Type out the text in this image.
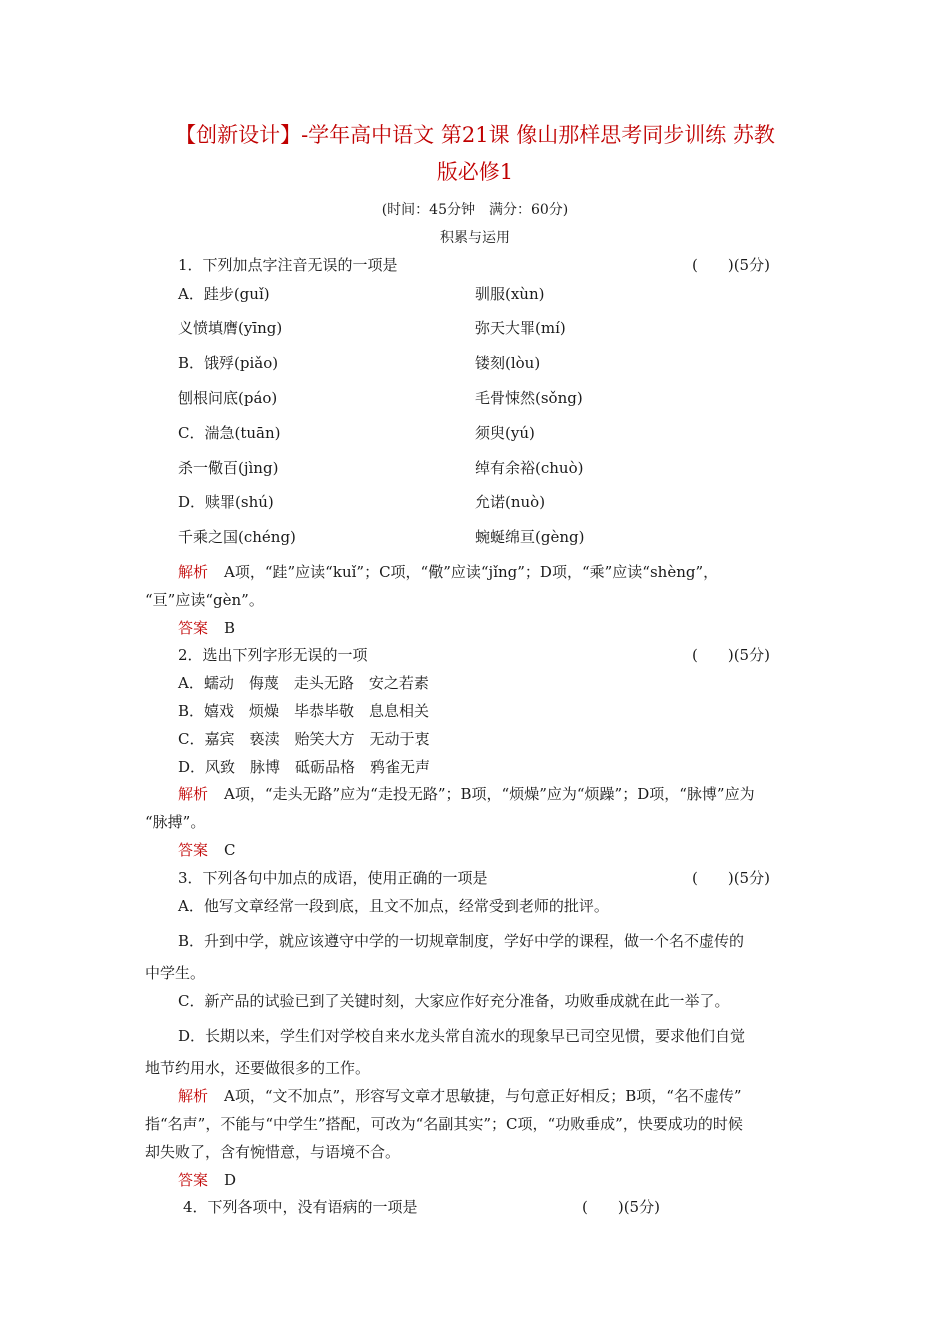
【创新设计】-学年高中语文 第21课 像山那样思考同步训练 苏教
版必修1
(时间：45分钟　满分：60分)
积累与运用
1．下列加点字注音无误的一项是	(　　)(5分)
A．跬步(guǐ)	驯服(xùn)
义愤填膺(yīng)	弥天大罪(mí)
B．饿殍(piǎo)	镂刻(lòu)
刨根问底(páo)	毛骨悚然(sǒng)
C．湍急(tuān)	须臾(yú)
杀一儆百(jìng)	绰有余裕(chuò)
D．赎罪(shú)	允诺(nuò)
千乘之国(chéng)	蜿蜒绵亘(gèng)
解析 A项，“跬”应读“kuǐ”；C项，“儆”应读“jǐng”；D项，“乘”应读“shèng”，
“亘”应读“gèn”。
答案 B
2．选出下列字形无误的一项	(　　)(5分)
A．蠕动　侮蔑　走头无路　安之若素
B．嬉戏　烦燥　毕恭毕敬　息息相关
C．嘉宾　亵渎　贻笑大方　无动于衷
D．风致　脉博　砥砺品格　鸦雀无声
解析 A项，“走头无路”应为“走投无路”；B项，“烦燥”应为“烦躁”；D项，“脉博”应为
“脉搏”。
答案 C
3．下列各句中加点的成语，使用正确的一项是	(　　)(5分)
A．他写文章经常一段到底，且文不加点，经常受到老师的批评。
B．升到中学，就应该遵守中学的一切规章制度，学好中学的课程，做一个名不虚传的
中学生。
C．新产品的试验已到了关键时刻，大家应作好充分准备，功败垂成就在此一举了。
D．长期以来，学生们对学校自来水龙头常自流水的现象早已司空见惯，要求他们自觉
地节约用水，还要做很多的工作。
解析 A项，“文不加点”，形容写文章才思敏捷，与句意正好相反；B项，“名不虚传”
指“名声”，不能与“中学生”搭配，可改为“名副其实”；C项，“功败垂成”，快要成功的时候
却失败了，含有惋惜意，与语境不合。
答案 D
4．下列各项中，没有语病的一项是	(　　)(5分)
